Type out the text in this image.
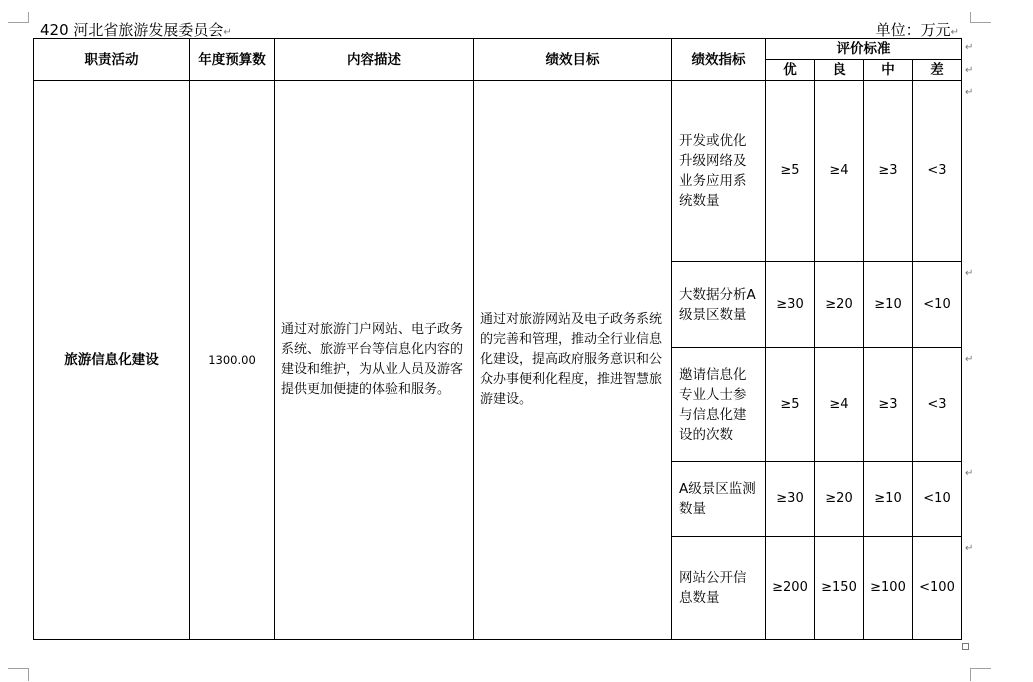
420 河北省旅游发展委员会↵	单位：万元↵
职责活动	年度预算数	内容描述	绩效目标	绩效指标	评价标准			
					优	良	中	差
旅游信息化建设	1300.00	通过对旅游门户网站、电子政务系统、旅游平台等信息化内容的建设和维护，为从业人员及游客提供更加便捷的体验和服务。	通过对旅游网站及电子政务系统的完善和管理，推动全行业信息化建设，提高政府服务意识和公众办事便利化程度，推进智慧旅游建设。	开发或优化升级网络及业务应用系统数量	≥5	≥4	≥3	<3
				大数据分析A级景区数量	≥30	≥20	≥10	<10
				邀请信息化专业人士参与信息化建设的次数	≥5	≥4	≥3	<3
				A级景区监测数量	≥30	≥20	≥10	<10
				网站公开信息数量	≥200	≥150	≥100	<100
↵
↵
↵
↵
↵
↵
↵
